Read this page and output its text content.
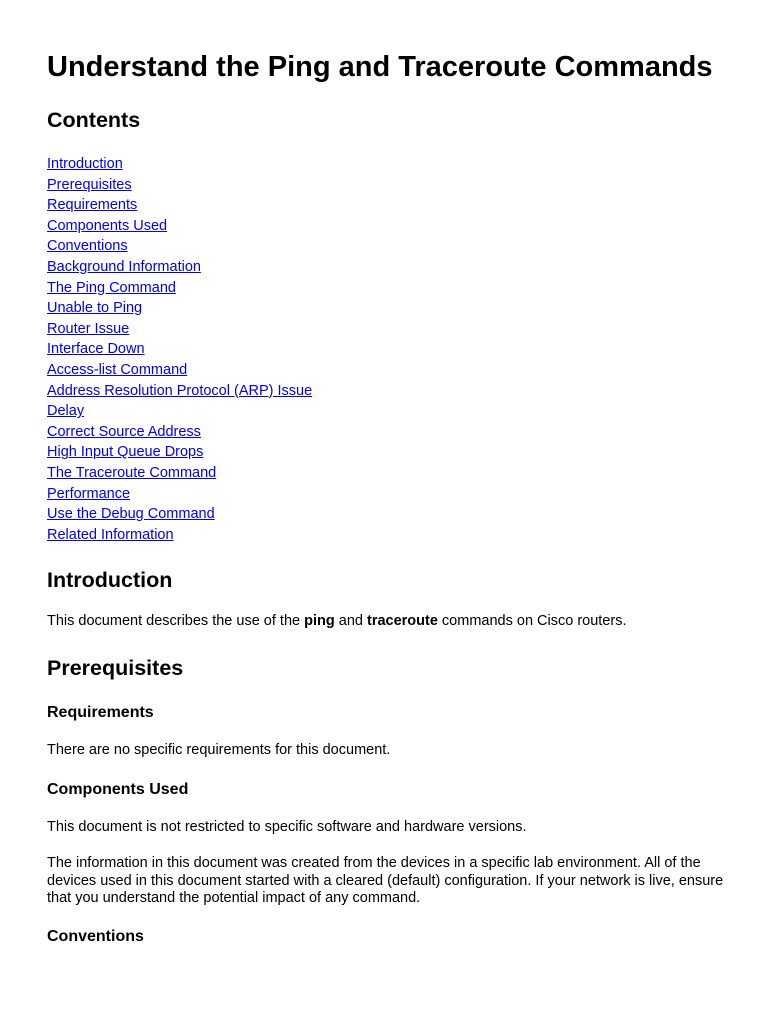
Understand the Ping and Traceroute Commands
Contents
Introduction
Prerequisites
Requirements
Components Used
Conventions
Background Information
The Ping Command
Unable to Ping
Router Issue
Interface Down
Access-list Command
Address Resolution Protocol (ARP) Issue
Delay
Correct Source Address
High Input Queue Drops
The Traceroute Command
Performance
Use the Debug Command
Related Information
Introduction

This document describes the use of the ping and traceroute commands on Cisco routers.

Prerequisites
Requirements

There are no specific requirements for this document.

Components Used

This document is not restricted to specific software and hardware versions.

The information in this document was created from the devices in a specific lab environment. All of the devices used in this document started with a cleared (default) configuration. If your network is live, ensure that you understand the potential impact of any command.

Conventions
